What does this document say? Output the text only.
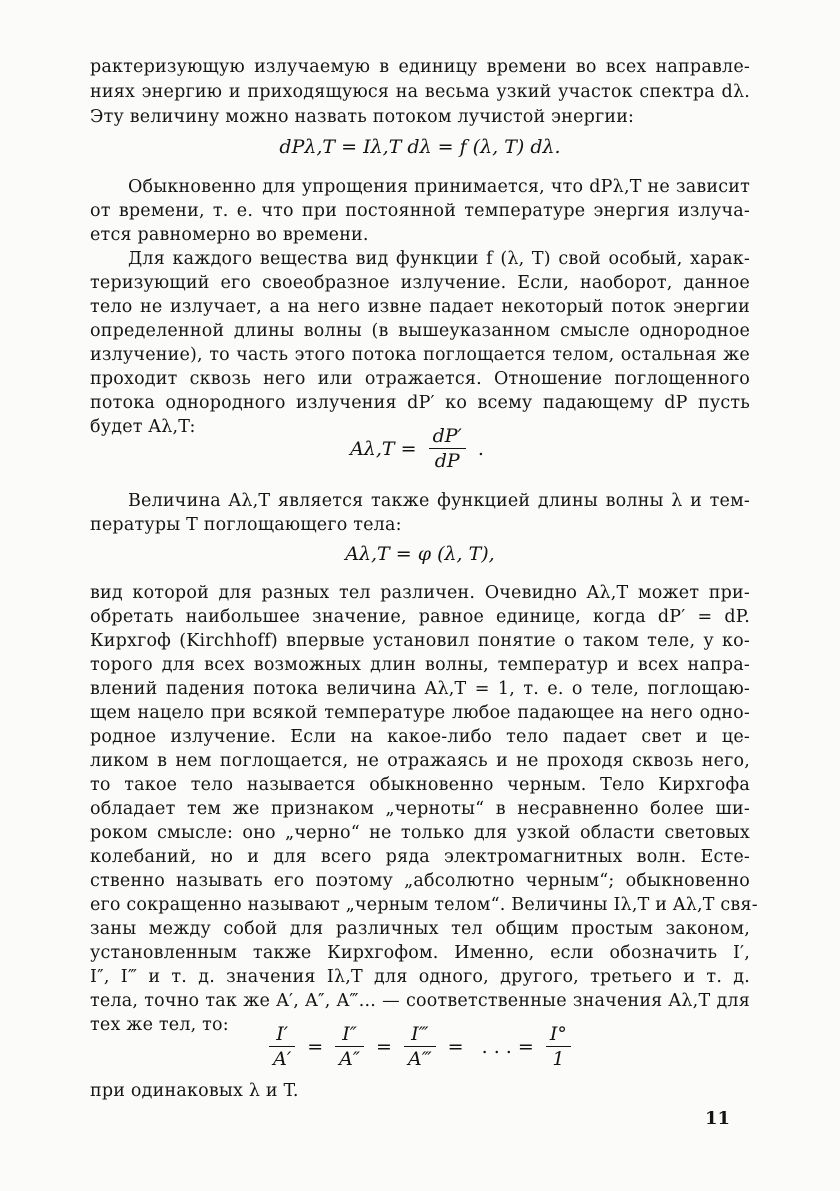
рактеризующую излучаемую в единицу времени во всех направле-
ниях энергию и приходящуюся на весьма узкий участок спектра dλ.
Эту величину можно назвать потоком лучистой энергии:
dPλ,T = Iλ,T dλ = f (λ, T) dλ.
Обыкновенно для упрощения принимается, что dPλ,T не зависит
от времени, т. е. что при постоянной температуре энергия излуча-
ется равномерно во времени.
Для каждого вещества вид функции f (λ, T) свой особый, харак-
теризующий его своеобразное излучение. Если, наоборот, данное
тело не излучает, а на него извне падает некоторый поток энергии
определенной длины волны (в вышеуказанном смысле однородное
излучение), то часть этого потока поглощается телом, остальная же
проходит сквозь него или отражается. Отношение поглощенного
потока однородного излучения dP′ ко всему падающему dP пусть
будет Aλ,T:
$A\lambda,T = \frac{dP'}{dP}$ .
Величина Aλ,T является также функцией длины волны λ и тем-
пературы T поглощающего тела:
Aλ,T = φ (λ, T),
вид которой для разных тел различен. Очевидно Aλ,T может при-
обретать наибольшее значение, равное единице, когда dP′ = dP.
Кирхгоф (Kirchhoff) впервые установил понятие о таком теле, у ко-
торого для всех возможных длин волны, температур и всех напра-
влений падения потока величина Aλ,T = 1, т. е. о теле, поглощаю-
щем нацело при всякой температуре любое падающее на него одно-
родное излучение. Если на какое-либо тело падает свет и це-
ликом в нем поглощается, не отражаясь и не проходя сквозь него,
то такое тело называется обыкновенно черным. Тело Кирхгофа
обладает тем же признаком „черноты“ в несравненно более ши-
роком смысле: оно „черно“ не только для узкой области световых
колебаний, но и для всего ряда электромагнитных волн. Есте-
ственно называть его поэтому „абсолютно черным“; обыкновенно
его сокращенно называют „черным телом“. Величины Iλ,T и Aλ,T свя-
заны между собой для различных тел общим простым законом,
установленным также Кирхгофом. Именно, если обозначить I′,
I″, I‴ и т. д. значения Iλ,T для одного, другого, третьего и т. д.
тела, точно так же A′, A″, A‴... — соответственные значения Aλ,T для
тех же тел, то:	$\frac{I'}{A'} = \frac{I''}{A''} = \frac{I‴}{A‴}$ = . . . = $\frac{I^\circ}{1}$
при одинаковых λ и T.
11
